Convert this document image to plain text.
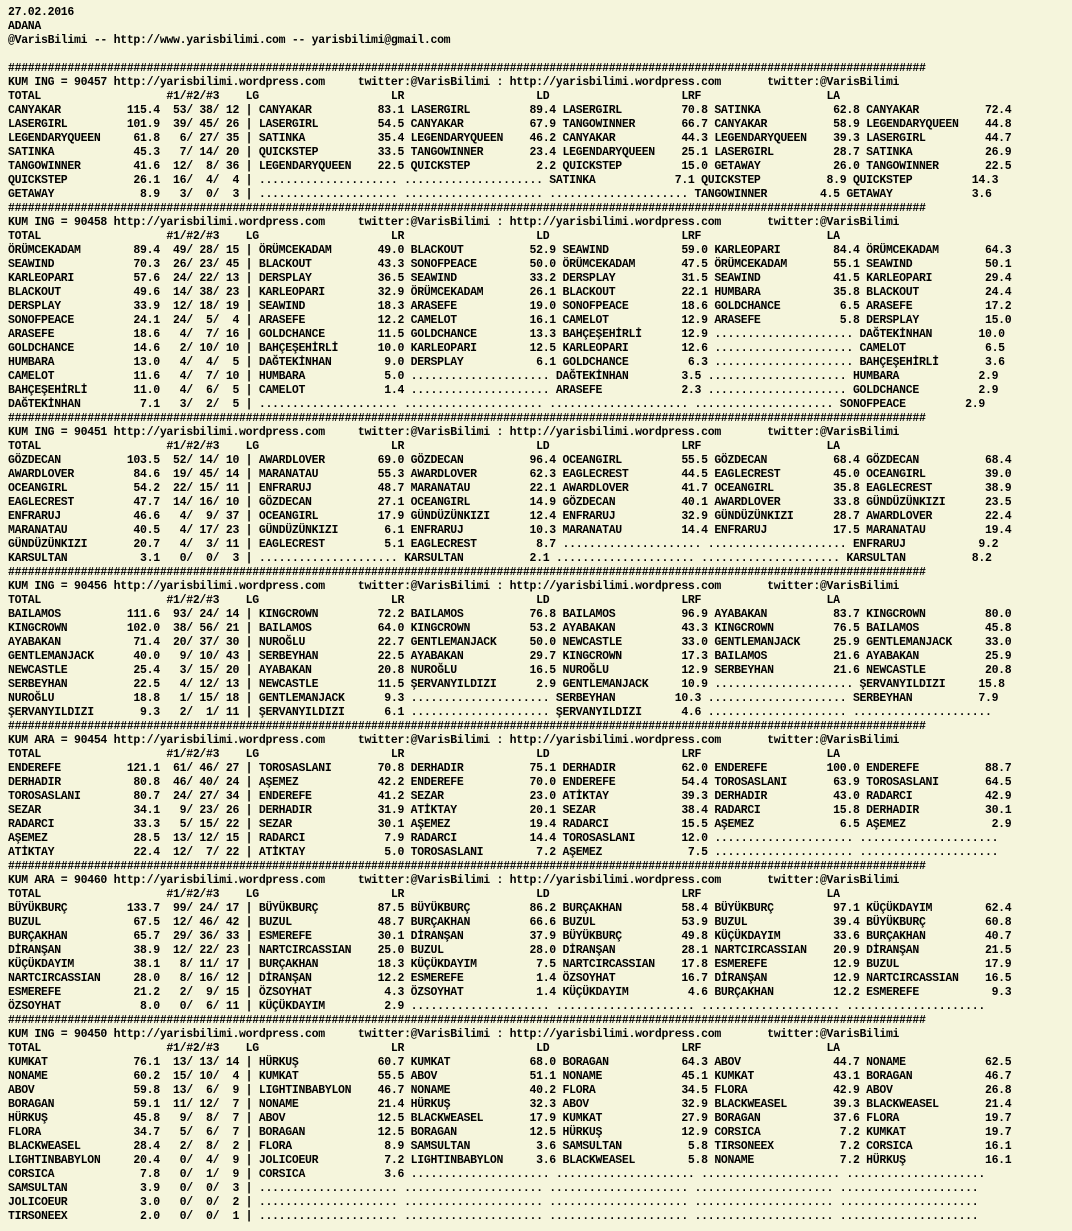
27.02.2016
ADANA
@VarisBilimi -- http://www.yarisbilimi.com -- yarisbilimi@gmail.com

###########################################################################################################################################
KUM ING = 90457 http://yarisbilimi.wordpress.com     twitter:@VarisBilimi : http://yarisbilimi.wordpress.com       twitter:@VarisBilimi
TOTAL                   #1/#2/#3    LG                    LR                    LD                    LRF                   LA
CANYAKAR          115.4  53/ 38/ 12 | CANYAKAR          83.1 LASERGIRL         89.4 LASERGIRL         70.8 SATINKA           62.8 CANYAKAR          72.4
LASERGIRL         101.9  39/ 45/ 26 | LASERGIRL         54.5 CANYAKAR          67.9 TANGOWINNER       66.7 CANYAKAR          58.9 LEGENDARYQUEEN    44.8
LEGENDARYQUEEN     61.8   6/ 27/ 35 | SATINKA           35.4 LEGENDARYQUEEN    46.2 CANYAKAR          44.3 LEGENDARYQUEEN    39.3 LASERGIRL         44.7
SATINKA            45.3   7/ 14/ 20 | QUICKSTEP         33.5 TANGOWINNER       23.4 LEGENDARYQUEEN    25.1 LASERGIRL         28.7 SATINKA           26.9
TANGOWINNER        41.6  12/  8/ 36 | LEGENDARYQUEEN    22.5 QUICKSTEP          2.2 QUICKSTEP         15.0 GETAWAY           26.0 TANGOWINNER       22.5
QUICKSTEP          26.1  16/  4/  4 | ..................... ..................... SATINKA            7.1 QUICKSTEP          8.9 QUICKSTEP         14.3
GETAWAY             8.9   3/  0/  3 | ..................... ..................... ..................... TANGOWINNER        4.5 GETAWAY            3.6
###########################################################################################################################################
KUM ING = 90458 http://yarisbilimi.wordpress.com     twitter:@VarisBilimi : http://yarisbilimi.wordpress.com       twitter:@VarisBilimi
TOTAL                   #1/#2/#3    LG                    LR                    LD                    LRF                   LA
ÖRÜMCEKADAM        89.4  49/ 28/ 15 | ÖRÜMCEKADAM       49.0 BLACKOUT          52.9 SEAWIND           59.0 KARLEOPARI        84.4 ÖRÜMCEKADAM       64.3
SEAWIND            70.3  26/ 23/ 45 | BLACKOUT          43.3 SONOFPEACE        50.0 ÖRÜMCEKADAM       47.5 ÖRÜMCEKADAM       55.1 SEAWIND           50.1
KARLEOPARI         57.6  24/ 22/ 13 | DERSPLAY          36.5 SEAWIND           33.2 DERSPLAY          31.5 SEAWIND           41.5 KARLEOPARI        29.4
BLACKOUT           49.6  14/ 38/ 23 | KARLEOPARI        32.9 ÖRÜMCEKADAM       26.1 BLACKOUT          22.1 HUMBARA           35.8 BLACKOUT          24.4
DERSPLAY           33.9  12/ 18/ 19 | SEAWIND           18.3 ARASEFE           19.0 SONOFPEACE        18.6 GOLDCHANCE         6.5 ARASEFE           17.2
SONOFPEACE         24.1  24/  5/  4 | ARASEFE           12.2 CAMELOT           16.1 CAMELOT           12.9 ARASEFE            5.8 DERSPLAY          15.0
ARASEFE            18.6   4/  7/ 16 | GOLDCHANCE        11.5 GOLDCHANCE        13.3 BAHÇEŞEHİRLİ      12.9 ..................... DAĞTEKİNHAN       10.0
GOLDCHANCE         14.6   2/ 10/ 10 | BAHÇEŞEHİRLİ      10.0 KARLEOPARI        12.5 KARLEOPARI        12.6 ..................... CAMELOT            6.5
HUMBARA            13.0   4/  4/  5 | DAĞTEKİNHAN        9.0 DERSPLAY           6.1 GOLDCHANCE         6.3 ..................... BAHÇEŞEHİRLİ       3.6
CAMELOT            11.6   4/  7/ 10 | HUMBARA            5.0 ..................... DAĞTEKİNHAN        3.5 ..................... HUMBARA            2.9
BAHÇEŞEHİRLİ       11.0   4/  6/  5 | CAMELOT            1.4 ..................... ARASEFE            2.3 ..................... GOLDCHANCE         2.9
DAĞTEKİNHAN         7.1   3/  2/  5 | ..................... ..................... ..................... ..................... SONOFPEACE         2.9
###########################################################################################################################################
KUM ING = 90451 http://yarisbilimi.wordpress.com     twitter:@VarisBilimi : http://yarisbilimi.wordpress.com       twitter:@VarisBilimi
TOTAL                   #1/#2/#3    LG                    LR                    LD                    LRF                   LA
GÖZDECAN          103.5  52/ 14/ 10 | AWARDLOVER        69.0 GÖZDECAN          96.4 OCEANGIRL         55.5 GÖZDECAN          68.4 GÖZDECAN          68.4
AWARDLOVER         84.6  19/ 45/ 14 | MARANATAU         55.3 AWARDLOVER        62.3 EAGLECREST        44.5 EAGLECREST        45.0 OCEANGIRL         39.0
OCEANGIRL          54.2  22/ 15/ 11 | ENFRARUJ          48.7 MARANATAU         22.1 AWARDLOVER        41.7 OCEANGIRL         35.8 EAGLECREST        38.9
EAGLECREST         47.7  14/ 16/ 10 | GÖZDECAN          27.1 OCEANGIRL         14.9 GÖZDECAN          40.1 AWARDLOVER        33.8 GÜNDÜZÜNKIZI      23.5
ENFRARUJ           46.6   4/  9/ 37 | OCEANGIRL         17.9 GÜNDÜZÜNKIZI      12.4 ENFRARUJ          32.9 GÜNDÜZÜNKIZI      28.7 AWARDLOVER        22.4
MARANATAU          40.5   4/ 17/ 23 | GÜNDÜZÜNKIZI       6.1 ENFRARUJ          10.3 MARANATAU         14.4 ENFRARUJ          17.5 MARANATAU         19.4
GÜNDÜZÜNKIZI       20.7   4/  3/ 11 | EAGLECREST         5.1 EAGLECREST         8.7 ..................... ..................... ENFRARUJ           9.2
KARSULTAN           3.1   0/  0/  3 | ..................... KARSULTAN          2.1 ..................... ..................... KARSULTAN          8.2
###########################################################################################################################################
KUM ING = 90456 http://yarisbilimi.wordpress.com     twitter:@VarisBilimi : http://yarisbilimi.wordpress.com       twitter:@VarisBilimi
TOTAL                   #1/#2/#3    LG                    LR                    LD                    LRF                   LA
BAILAMOS          111.6  93/ 24/ 14 | KINGCROWN         72.2 BAILAMOS          76.8 BAILAMOS          96.9 AYABAKAN          83.7 KINGCROWN         80.0
KINGCROWN         102.0  38/ 56/ 21 | BAILAMOS          64.0 KINGCROWN         53.2 AYABAKAN          43.3 KINGCROWN         76.5 BAILAMOS          45.8
AYABAKAN           71.4  20/ 37/ 30 | NUROĞLU           22.7 GENTLEMANJACK     50.0 NEWCASTLE         33.0 GENTLEMANJACK     25.9 GENTLEMANJACK     33.0
GENTLEMANJACK      40.0   9/ 10/ 43 | SERBEYHAN         22.5 AYABAKAN          29.7 KINGCROWN         17.3 BAILAMOS          21.6 AYABAKAN          25.9
NEWCASTLE          25.4   3/ 15/ 20 | AYABAKAN          20.8 NUROĞLU           16.5 NUROĞLU           12.9 SERBEYHAN         21.6 NEWCASTLE         20.8
SERBEYHAN          22.5   4/ 12/ 13 | NEWCASTLE         11.5 ŞERVANYILDIZI      2.9 GENTLEMANJACK     10.9 ..................... ŞERVANYILDIZI     15.8
NUROĞLU            18.8   1/ 15/ 18 | GENTLEMANJACK      9.3 ..................... SERBEYHAN         10.3 ..................... SERBEYHAN          7.9
ŞERVANYILDIZI       9.3   2/  1/ 11 | ŞERVANYILDIZI      6.1 ..................... ŞERVANYILDIZI      4.6 ..................... .....................
###########################################################################################################################################
KUM ARA = 90454 http://yarisbilimi.wordpress.com     twitter:@VarisBilimi : http://yarisbilimi.wordpress.com       twitter:@VarisBilimi
TOTAL                   #1/#2/#3    LG                    LR                    LD                    LRF                   LA
ENDEREFE          121.1  61/ 46/ 27 | TOROSASLANI       70.8 DERHADIR          75.1 DERHADIR          62.0 ENDEREFE         100.0 ENDEREFE          88.7
DERHADIR           80.8  46/ 40/ 24 | AŞEMEZ            42.2 ENDEREFE          70.0 ENDEREFE          54.4 TOROSASLANI       63.9 TOROSASLANI       64.5
TOROSASLANI        80.7  24/ 27/ 34 | ENDEREFE          41.2 SEZAR             23.0 ATİKTAY           39.3 DERHADIR          43.0 RADARCI           42.9
SEZAR              34.1   9/ 23/ 26 | DERHADIR          31.9 ATİKTAY           20.1 SEZAR             38.4 RADARCI           15.8 DERHADIR          30.1
RADARCI            33.3   5/ 15/ 22 | SEZAR             30.1 AŞEMEZ            19.4 RADARCI           15.5 AŞEMEZ             6.5 AŞEMEZ             2.9
AŞEMEZ             28.5  13/ 12/ 15 | RADARCI            7.9 RADARCI           14.4 TOROSASLANI       12.0 ..................... .....................
ATİKTAY            22.4  12/  7/ 22 | ATİKTAY            5.0 TOROSASLANI        7.2 AŞEMEZ             7.5 ..................... .....................
###########################################################################################################################################
KUM ARA = 90460 http://yarisbilimi.wordpress.com     twitter:@VarisBilimi : http://yarisbilimi.wordpress.com       twitter:@VarisBilimi
TOTAL                   #1/#2/#3    LG                    LR                    LD                    LRF                   LA
BÜYÜKBURÇ         133.7  99/ 24/ 17 | BÜYÜKBURÇ         87.5 BÜYÜKBURÇ         86.2 BURÇAKHAN         58.4 BÜYÜKBURÇ         97.1 KÜÇÜKDAYIM        62.4
BUZUL              67.5  12/ 46/ 42 | BUZUL             48.7 BURÇAKHAN         66.6 BUZUL             53.9 BUZUL             39.4 BÜYÜKBURÇ         60.8
BURÇAKHAN          65.7  29/ 36/ 33 | ESMEREFE          30.1 DİRANŞAN          37.9 BÜYÜKBURÇ         49.8 KÜÇÜKDAYIM        33.6 BURÇAKHAN         40.7
DİRANŞAN           38.9  12/ 22/ 23 | NARTCIRCASSIAN    25.0 BUZUL             28.0 DİRANŞAN          28.1 NARTCIRCASSIAN    20.9 DİRANŞAN          21.5
KÜÇÜKDAYIM         38.1   8/ 11/ 17 | BURÇAKHAN         18.3 KÜÇÜKDAYIM         7.5 NARTCIRCASSIAN    17.8 ESMEREFE          12.9 BUZUL             17.9
NARTCIRCASSIAN     28.0   8/ 16/ 12 | DİRANŞAN          12.2 ESMEREFE           1.4 ÖZSOYHAT          16.7 DİRANŞAN          12.9 NARTCIRCASSIAN    16.5
ESMEREFE           21.2   2/  9/ 15 | ÖZSOYHAT           4.3 ÖZSOYHAT           1.4 KÜÇÜKDAYIM         4.6 BURÇAKHAN         12.2 ESMEREFE           9.3
ÖZSOYHAT            8.0   0/  6/ 11 | KÜÇÜKDAYIM         2.9 ..................... ..................... ..................... .....................
###########################################################################################################################################
KUM ING = 90450 http://yarisbilimi.wordpress.com     twitter:@VarisBilimi : http://yarisbilimi.wordpress.com       twitter:@VarisBilimi
TOTAL                   #1/#2/#3    LG                    LR                    LD                    LRF                   LA
KUMKAT             76.1  13/ 13/ 14 | HÜRKUŞ            60.7 KUMKAT            68.0 BORAGAN           64.3 ABOV              44.7 NONAME            62.5
NONAME             60.2  15/ 10/  4 | KUMKAT            55.5 ABOV              51.1 NONAME            45.1 KUMKAT            43.1 BORAGAN           46.7
ABOV               59.8  13/  6/  9 | LIGHTINBABYLON    46.7 NONAME            40.2 FLORA             34.5 FLORA             42.9 ABOV              26.8
BORAGAN            59.1  11/ 12/  7 | NONAME            21.4 HÜRKUŞ            32.3 ABOV              32.9 BLACKWEASEL       39.3 BLACKWEASEL       21.4
HÜRKUŞ             45.8   9/  8/  7 | ABOV              12.5 BLACKWEASEL       17.9 KUMKAT            27.9 BORAGAN           37.6 FLORA             19.7
FLORA              34.7   5/  6/  7 | BORAGAN           12.5 BORAGAN           12.5 HÜRKUŞ            12.9 CORSICA            7.2 KUMKAT            19.7
BLACKWEASEL        28.4   2/  8/  2 | FLORA              8.9 SAMSULTAN          3.6 SAMSULTAN          5.8 TIRSONEEX          7.2 CORSICA           16.1
LIGHTINBABYLON     20.4   0/  4/  9 | JOLICOEUR          7.2 LIGHTINBABYLON     3.6 BLACKWEASEL        5.8 NONAME             7.2 HÜRKUŞ            16.1
CORSICA             7.8   0/  1/  9 | CORSICA            3.6 ..................... ..................... ..................... .....................
SAMSULTAN           3.9   0/  0/  3 | ..................... ..................... ..................... ..................... .....................
JOLICOEUR           3.0   0/  0/  2 | ..................... ..................... ..................... ..................... .....................
TIRSONEEX           2.0   0/  0/  1 | ..................... ..................... ..................... ..................... .....................
